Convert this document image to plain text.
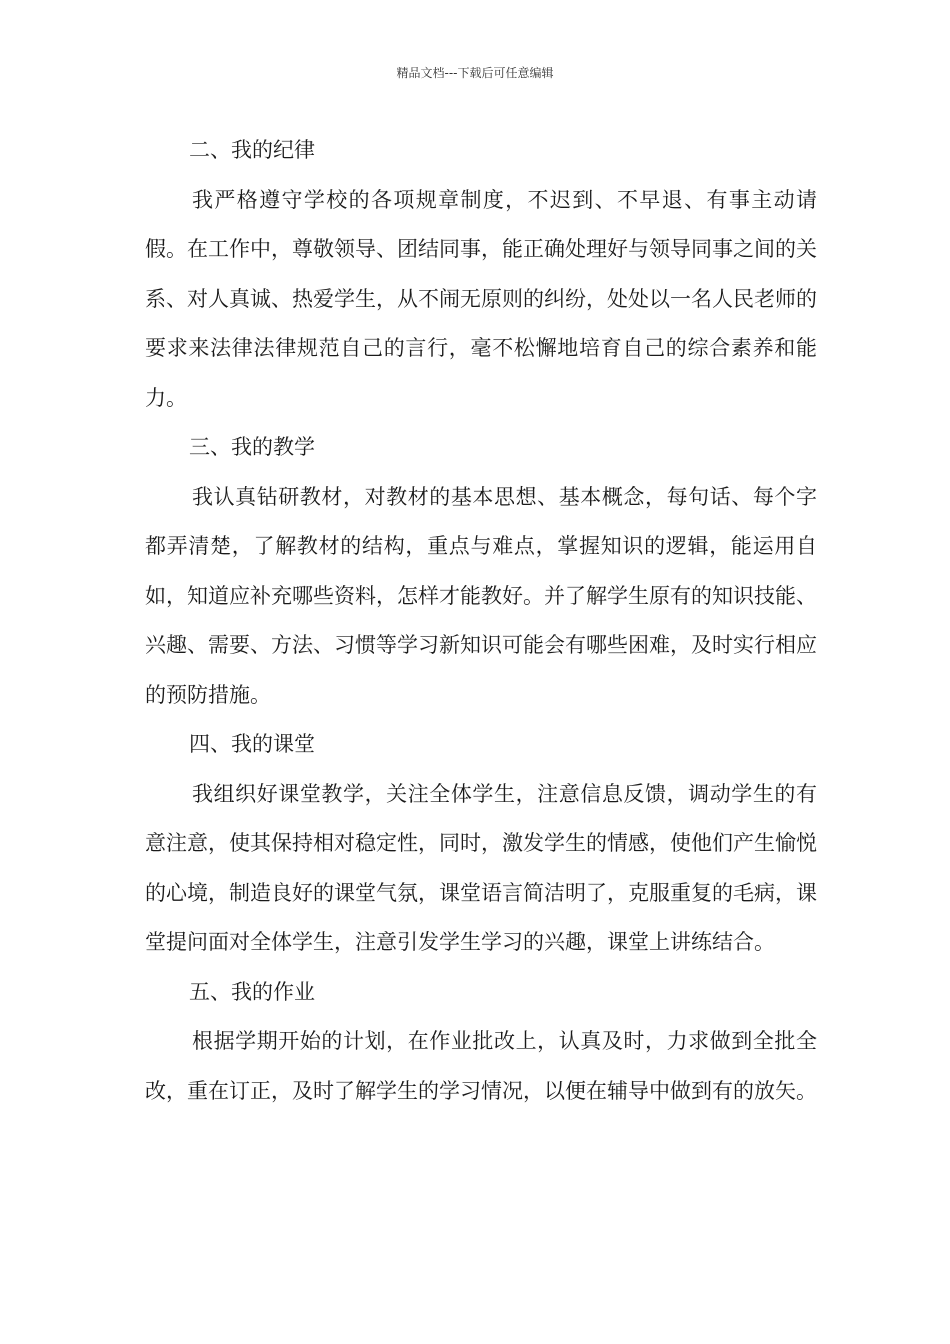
精品文档---下载后可任意编辑

二、我的纪律

我严格遵守学校的各项规章制度，不迟到、不早退、有事主动请假。在工作中，尊敬领导、团结同事，能正确处理好与领导同事之间的关系、对人真诚、热爱学生，从不闹无原则的纠纷，处处以一名人民老师的要求来法律法律规范自己的言行，毫不松懈地培育自己的综合素养和能力。

三、我的教学

我认真钻研教材，对教材的基本思想、基本概念，每句话、每个字都弄清楚，了解教材的结构，重点与难点，掌握知识的逻辑，能运用自如，知道应补充哪些资料，怎样才能教好。并了解学生原有的知识技能、兴趣、需要、方法、习惯等学习新知识可能会有哪些困难，及时实行相应的预防措施。

四、我的课堂

我组织好课堂教学，关注全体学生，注意信息反馈，调动学生的有意注意，使其保持相对稳定性，同时，激发学生的情感，使他们产生愉悦的心境，制造良好的课堂气氛，课堂语言简洁明了，克服重复的毛病，课堂提问面对全体学生，注意引发学生学习的兴趣，课堂上讲练结合。

五、我的作业

根据学期开始的计划，在作业批改上，认真及时，力求做到全批全改，重在订正，及时了解学生的学习情况，以便在辅导中做到有的放矢。
